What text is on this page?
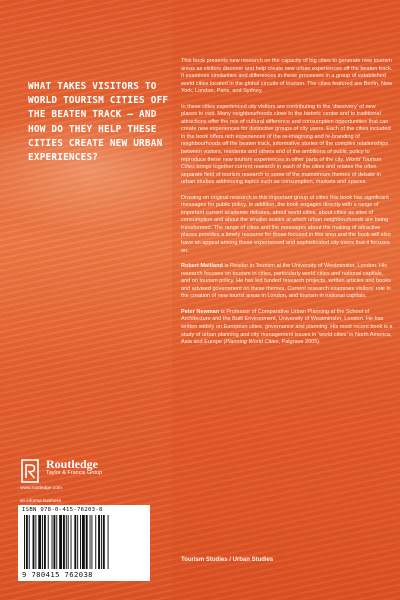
WHAT TAKES VISITORS TO WORLD TOURISM CITIES OFF THE BEATEN TRACK – AND HOW DO THEY HELP THESE CITIES CREATE NEW URBAN EXPERIENCES?

Routledge
Taylor & Francis Group
www.routledge.com
an informa business
ISBN 978-0-415-76203-8
9 780415 762038

This book presents new research on the capacity of big cities to generate new tourism areas as visitors discover and help create new urban experiences off the beaten track. It examines similarities and differences in these processes in a group of established world cities located in the global circuits of tourism. The cities featured are Berlin, New York, London, Paris, and Sydney.

In these cities experienced city visitors are contributing to the ‘discovery’ of new places to visit. Many neighbourhoods close to the historic centre and to traditional attractions offer the mix of cultural difference and consumption opportunities that can create new experiences for distinctive groups of city users. Each of the cities included in the book offers rich experiences of the re-imagining and re-branding of neighbourhoods off the beaten track, informative stories of the complex relationships between visitors, residents and others and of the ambitions of public policy to reproduce these new tourism experiences in other parts of the city. World Tourism Cities brings together current research in each of the cities and relates the often separate field of tourism research to some of the mainstream themes of debate in urban studies addressing topics such as consumption, markets and spaces.

Drawing on original research in this important group of cities this book has significant messages for public policy. In addition, the book engages directly with a range of important current academic debates, about world cities, about cities as sites of consumption and about the smaller scales at which urban neighbourhoods are being transformed. The range of cities and the messages about the making of attractive places provides a timely resource for those focused in this area and the book will also have an appeal among those experienced and sophisticated city users that it focuses on.

Robert Maitland is Reader in Tourism at the University of Westminster, London. His research focuses on tourism in cities, particularly world cities and national capitals, and on tourism policy. He has led funded research projects, written articles and books and advised government on these themes. Current research examines visitors’ role in the creation of new tourist areas in London, and tourism in national capitals.

Peter Newman is Professor of Comparative Urban Planning at the School of Architecture and the Built Environment, University of Westminster, London. He has written widely on European cities, governance and planning. His most recent book is a study of urban planning and city management issues in ‘world cities’ in North America, Asia and Europe (Planning World Cities, Palgrave 2005).

Tourism Studies / Urban Studies
